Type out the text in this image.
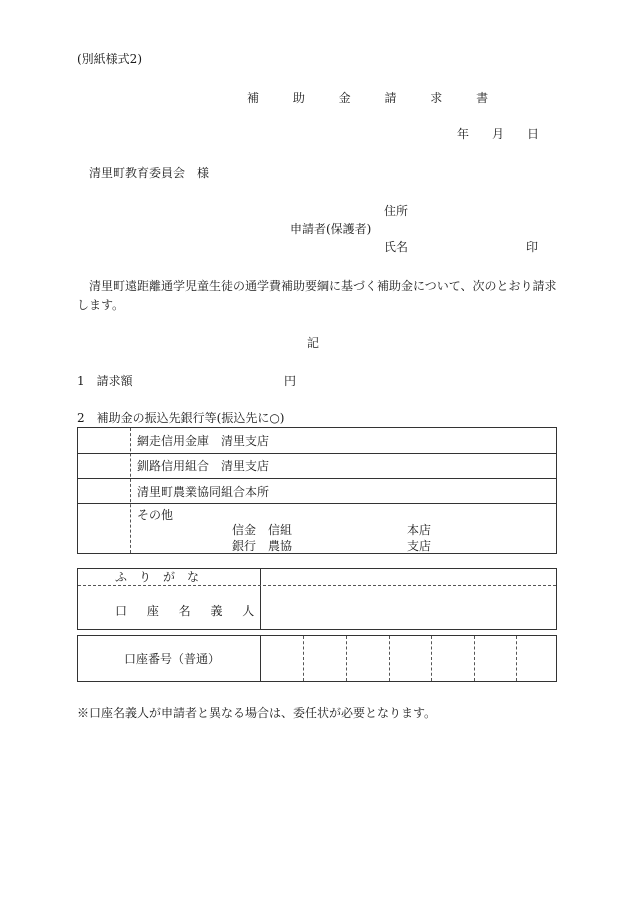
(別紙様式2)
補 助 金 請 求 書
年 月 日
清里町教育委員会　様
住所
申請者(保護者)
氏名	印
清里町遠距離通学児童生徒の通学費補助要綱に基づく補助金について、次のとおり請求
します。
記
1　請求額	円
2　補助金の振込先銀行等(振込先に○)
網走信用金庫　清里支店
釧路信用組合　清里支店
清里町農業協同組合本所
その他
信金　信組	本店
銀行　農協	支店
ふ　り　が　な
口 座 名 義 人
口座番号（普通）
※口座名義人が申請者と異なる場合は、委任状が必要となります。
